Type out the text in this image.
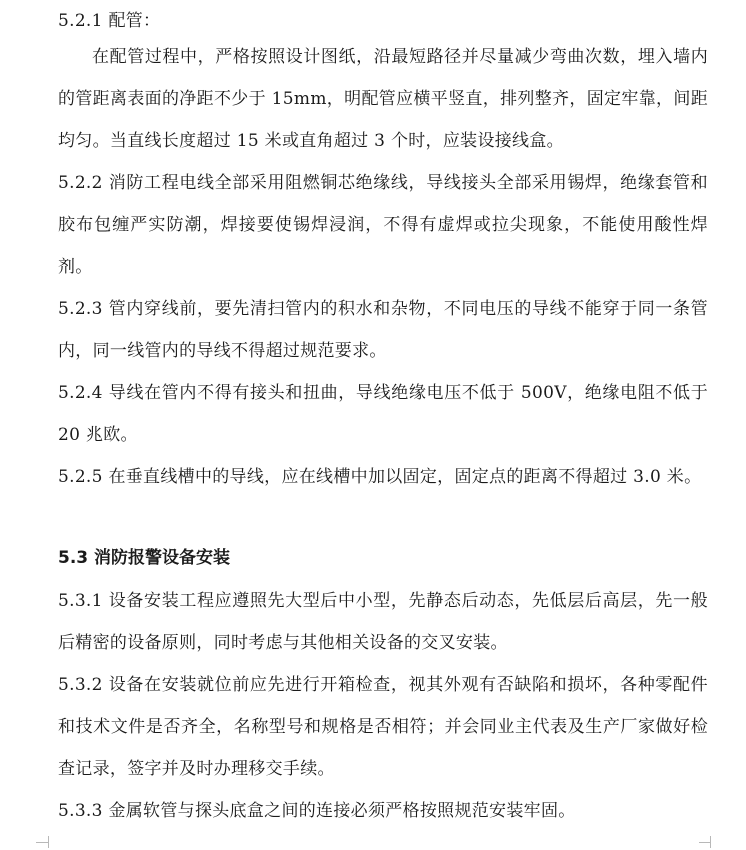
5.2.1 配管：
在配管过程中，严格按照设计图纸，沿最短路径并尽量减少弯曲次数，埋入墙内的管距离表面的净距不少于 15mm，明配管应横平竖直，排列整齐，固定牢靠，间距均匀。当直线长度超过 15 米或直角超过 3 个时，应装设接线盒。
5.2.2 消防工程电线全部采用阻燃铜芯绝缘线，导线接头全部采用锡焊，绝缘套管和胶布包缠严实防潮，焊接要使锡焊浸润，不得有虚焊或拉尖现象，不能使用酸性焊剂。
5.2.3 管内穿线前，要先清扫管内的积水和杂物，不同电压的导线不能穿于同一条管内，同一线管内的导线不得超过规范要求。
5.2.4 导线在管内不得有接头和扭曲，导线绝缘电压不低于 500V，绝缘电阻不低于 20 兆欧。
5.2.5 在垂直线槽中的导线，应在线槽中加以固定，固定点的距离不得超过 3.0 米。
5.3 消防报警设备安装
5.3.1 设备安装工程应遵照先大型后中小型，先静态后动态，先低层后高层，先一般后精密的设备原则，同时考虑与其他相关设备的交叉安装。
5.3.2 设备在安装就位前应先进行开箱检查，视其外观有否缺陷和损坏，各种零配件和技术文件是否齐全，名称型号和规格是否相符；并会同业主代表及生产厂家做好检查记录，签字并及时办理移交手续。
5.3.3 金属软管与探头底盒之间的连接必须严格按照规范安装牢固。
